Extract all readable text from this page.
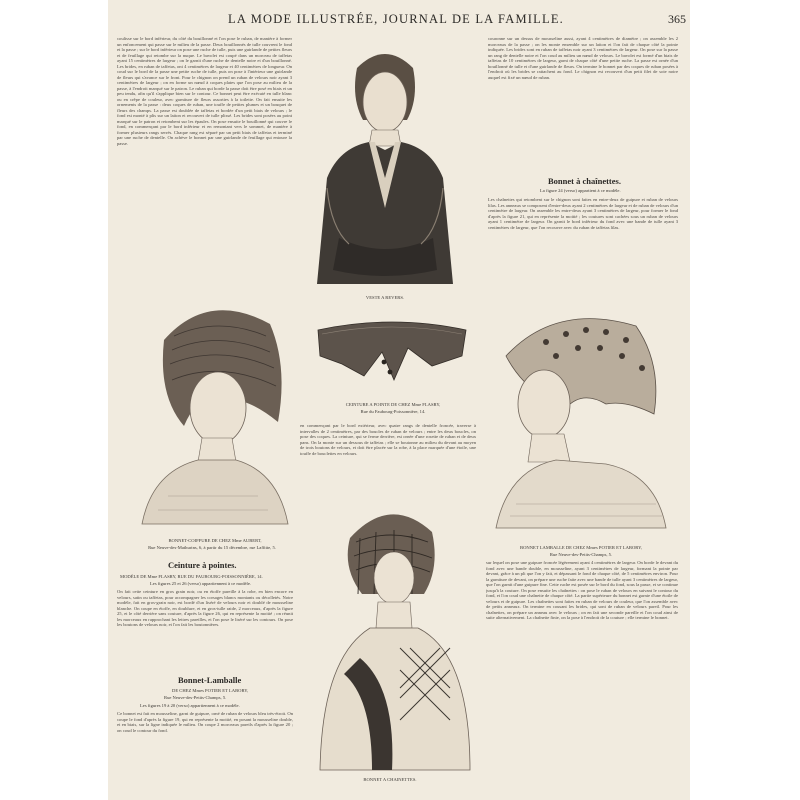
LA MODE ILLUSTRÉE, JOURNAL DE LA FAMILLE.	365
coulisse sur le bord inférieur, du côté du bouillonné et l'on pose le ruban, de manière à former un enfoncement qui passe sur le milieu de la passe. Deux bouillonnés de tulle couvrent le fond et la passe ; sur le bord inférieur on pose une ruche de tulle, puis une guirlande de petites fleurs et de feuillage qui retombe sur la nuque. Le bavolet est coupé dans un morceau de taffetas ayant 15 centimètres de largeur ; on le garnit d'une ruche de dentelle noire et d'un bouillonné. Les brides, en ruban de taffetas, ont 4 centimètres de largeur et 40 centimètres de longueur. On coud sur le bord de la passe une petite ruche de tulle, puis on pose à l'intérieur une guirlande de fleurs qui s'avance sur le front. Pour le chignon on prend un ruban de velours noir ayant 3 centimètres de largeur ; on en forme un nœud à coques plates que l'on pose au milieu de la passe, à l'endroit marqué sur le patron. Le ruban qui borde la passe doit être posé en biais et un peu tendu, afin qu'il s'applique bien sur le contour. Ce bonnet peut être exécuté en tulle blanc ou en crêpe de couleur, avec garniture de fleurs assorties à la toilette. On fait ensuite les ornements de la passe : deux coques de ruban, une touffe de petites plumes et un bouquet de fleurs des champs. La passe est doublée de taffetas et bordée d'un petit biais de velours ; le fond est monté à plis sur un laiton et recouvert de tulle plissé. Les brides sont posées au point marqué sur le patron et retombent sur les épaules. On pose ensuite le bouillonné qui couvre le fond, en commençant par le bord inférieur et en remontant vers le sommet, de manière à former plusieurs rangs serrés. Chaque rang est séparé par un petit biais de taffetas et terminé par une ruche de dentelle. On achève le bonnet par une guirlande de feuillage qui entoure la passe.
couronne sur un dessus de mousseline aussi, ayant 4 centimètres de diamètre ; on assemble les 2 morceaux de la passe ; on les monte ensemble sur un laiton et l'on fait de chaque côté la pointe indiquée. Les brides sont en ruban de taffetas noir ayant 3 centimètres de largeur. On pose sur la passe un rang de dentelle noire et l'on coud au milieu un nœud de velours. Le bavolet est formé d'un biais de taffetas de 10 centimètres de largeur, garni de chaque côté d'une petite ruche. La passe est ornée d'un bouillonné de tulle et d'une guirlande de fleurs. On termine le bonnet par des coques de ruban posées à l'endroit où les brides se rattachent au fond. Le chignon est recouvert d'un petit filet de soie noire auquel est fixé un nœud de ruban.
Bonnet à chaînettes.
La figure 24 (verso) appartient à ce modèle.
Les chaînettes qui retombent sur le chignon sont faites en entre-deux de guipure et ruban de velours lilas. Les anneaux se composent d'entre-deux ayant 2 centimètres de largeur et de ruban de velours d'un centimètre de largeur. On assemble les entre-deux ayant 3 centimètres de largeur, pour former le fond d'après la figure 21, qui en représente la moitié ; les coutures sont cachées sous un ruban de velours ayant 1 centimètre de largeur. On garnit le bord inférieur du fond avec une bande de tulle ayant 3 centimètres de largeur, que l'on recouvre avec du ruban de taffetas lilas.
en commençant par le bord extérieur, avec quatre rangs de dentelle froncée, traverse à intervalles de 2 centimètres, par des boucles de ruban de velours ; entre les deux boucles, on pose des coques. La ceinture, qui se ferme derrière, est ornée d'une rosette de ruban et de deux pans. On la monte sur un dessous de taffetas ; elle se boutonne au milieu du devant au moyen de trois boutons de velours, et doit être placée sur la robe, à la place marquée d'une étoile, une touffe de bouclettes en velours.
Ceinture à pointes.
MODÈLE DE Mme FLASRY, RUE DU FAUBOURG-POISSONNIÈRE, 14.
Les figures 25 et 26 (verso) appartiennent à ce modèle.
On fait cette ceinture en gros grain noir, ou en étoffe pareille à la robe, en bien encore en velours, satin ou taffetas, pour accompagner les corsages blancs montants ou décolletés. Notre modèle, fait en gros-grain noir, est bordé d'un liséré de velours noir et doublé de mousseline blanche. On coupe en étoffe, en doublure, et en gros-tulle raide, 2 morceaux, d'après la figure 25, et le côté derrière sans couture, d'après la figure 26, qui en représente la moitié ; on réunit les morceaux en rapprochant les lettres pareilles, et l'on pose le liséré sur les contours. On pose les boutons de velours noir, et l'on fait les boutonnières.
Bonnet-Lamballe
DE CHEZ Mmes POTIER ET LABORY,
Rue Neuve-des-Petits-Champs, 5.
Les figures 19 à 20 (verso) appartiennent à ce modèle.
Ce bonnet est fait en mousseline, garni de guipure, orné de ruban de velours bleu très-étroit. On coupe le fond d'après la figure 19, qui en représente la moitié, en posant la mousseline double, et en biais, sur la ligne indiquée le milieu. On coupe 2 morceaux pareils d'après la figure 20 ; on coud le contour du fond.
sur lequel on pose une guipure froncée légèrement ayant 4 centimètres de largeur. On borde le devant du fond avec une bande double, en mousseline, ayant 3 centimètres de largeur, formant la pointe par devant, grâce à un pli que l'on y fait, et dépassant le fond de chaque côté, de 5 centimètres environ. Pour la garniture de devant, on prépare une ruche faite avec une bande de tulle ayant 3 centimètres de largeur, que l'on garnit d'une guipure fine. Cette ruche est posée sur le bord du fond, sous la passe, et se continue jusqu'à la couture. On pose ensuite les chaînettes : on pose le ruban de velours en suivant le contour du fond, et l'on coud une chaînette de chaque côté. La partie supérieure du bonnet est garnie d'une étoile de velours et de guipure. Les chaînettes sont faites en ruban de velours de couleur, que l'on assemble avec de petits anneaux. On termine en cousant les brides, qui sont de ruban de velours pareil. Pour les chaînettes, on prépare un anneau avec le velours ; on en fait une seconde pareille et l'on coud ainsi de suite alternativement. La chaînette finie, on la pose à l'endroit de la couture ; elle termine le bonnet.
VESTE A REVERS.
BONNET-COIFFURE DE CHEZ Mme AUBERT,
Rue Neuve-des-Mathurins, 6, à partir du 15 décembre, rue Laffitte, 5.
CEINTURE A POINTE DE CHEZ Mme FLASRY,
Rue du Faubourg-Poissonnière, 14.
BONNET LAMBALLE DE CHEZ Mmes POTIER ET LABORY,
Rue Neuve-des-Petits-Champs, 5.
BONNET A CHAINETTES.
